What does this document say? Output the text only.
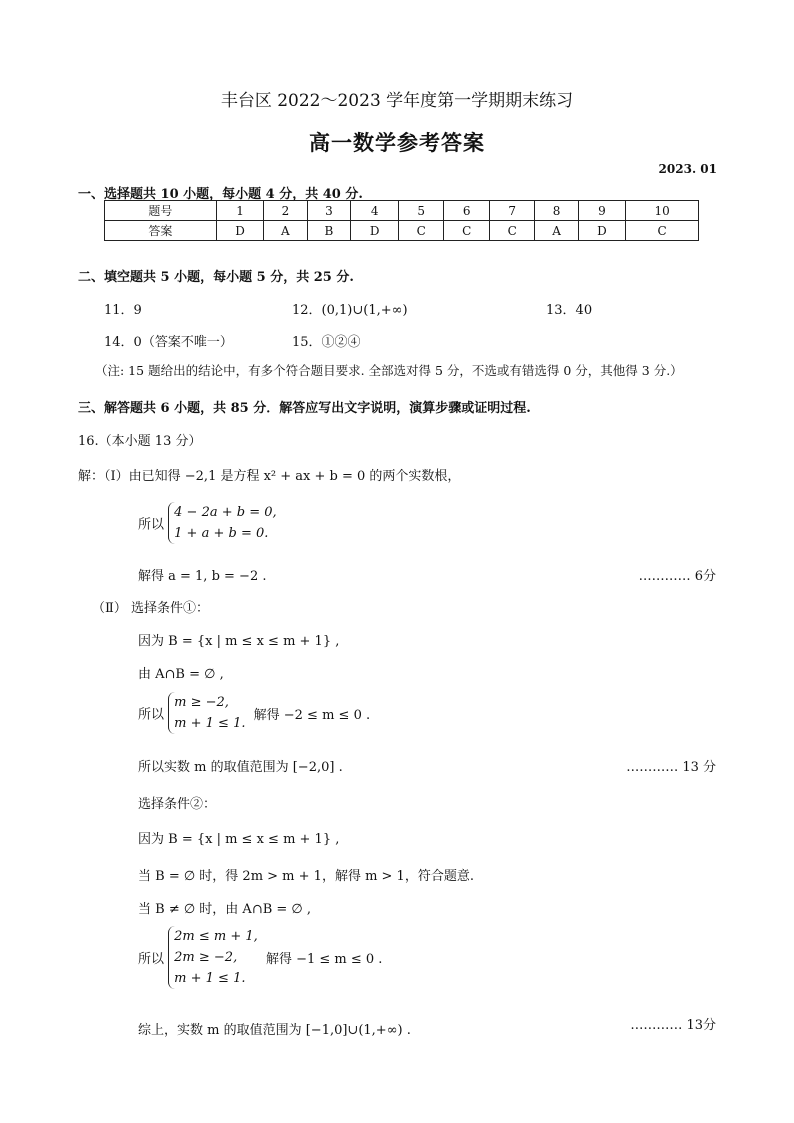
丰台区 2022～2023 学年度第一学期期末练习
高一数学参考答案
2023. 01
一、选择题共 10 小题，每小题 4 分，共 40 分.
题号	1	2	3	4	5	6	7	8	9	10
答案	D	A	B	D	C	C	C	A	D	C
二、填空题共 5 小题，每小题 5 分，共 25 分.
11．9	12．(0,1)∪(1,+∞)	13．40
14．0（答案不唯一）	15．①②④
（注: 15 题给出的结论中，有多个符合题目要求. 全部选对得 5 分，不选或有错选得 0 分，其他得 3 分.）
三、解答题共 6 小题，共 85 分．解答应写出文字说明，演算步骤或证明过程.
16.（本小题 13 分）
解：（Ⅰ）由已知得 −2,1 是方程 x² + ax + b = 0 的两个实数根，
所以
4 − 2a + b = 0,
1 + a + b = 0.
解得 a = 1, b = −2 .	………… 6分
（Ⅱ） 选择条件①：
因为 B = {x | m ≤ x ≤ m + 1} ,
由 A∩B = ∅ ,
所以
m ≥ −2,
m + 1 ≤ 1.
解得 −2 ≤ m ≤ 0 .
所以实数 m 的取值范围为 [−2,0] .	………… 13 分
选择条件②：
因为 B = {x | m ≤ x ≤ m + 1} ,
当 B = ∅ 时，得 2m > m + 1，解得 m > 1，符合题意.
当 B ≠ ∅ 时，由 A∩B = ∅ ,
所以
2m ≤ m + 1,
2m ≥ −2,
m + 1 ≤ 1.
解得 −1 ≤ m ≤ 0 .
综上，实数 m 的取值范围为 [−1,0]∪(1,+∞) .	………… 13分
